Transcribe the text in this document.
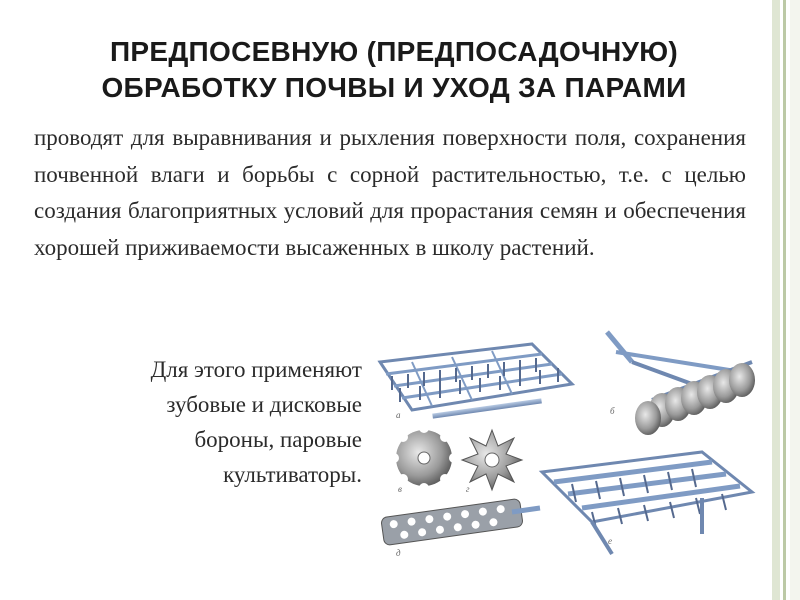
ПРЕДПОСЕВНУЮ (ПРЕДПОСАДОЧНУЮ)
ОБРАБОТКУ ПОЧВЫ И УХОД ЗА ПАРАМИ
проводят для выравнивания и рыхления поверхности поля, сохранения почвенной влаги и борьбы с сорной растительностью, т.е. с целью создания благоприятных условий для прорастания семян и обеспечения хорошей приживаемости высаженных в школу растений.
Для этого применяют
зубовые и дисковые
бороны, паровые
культиваторы.
а	б
в	г
д
е
